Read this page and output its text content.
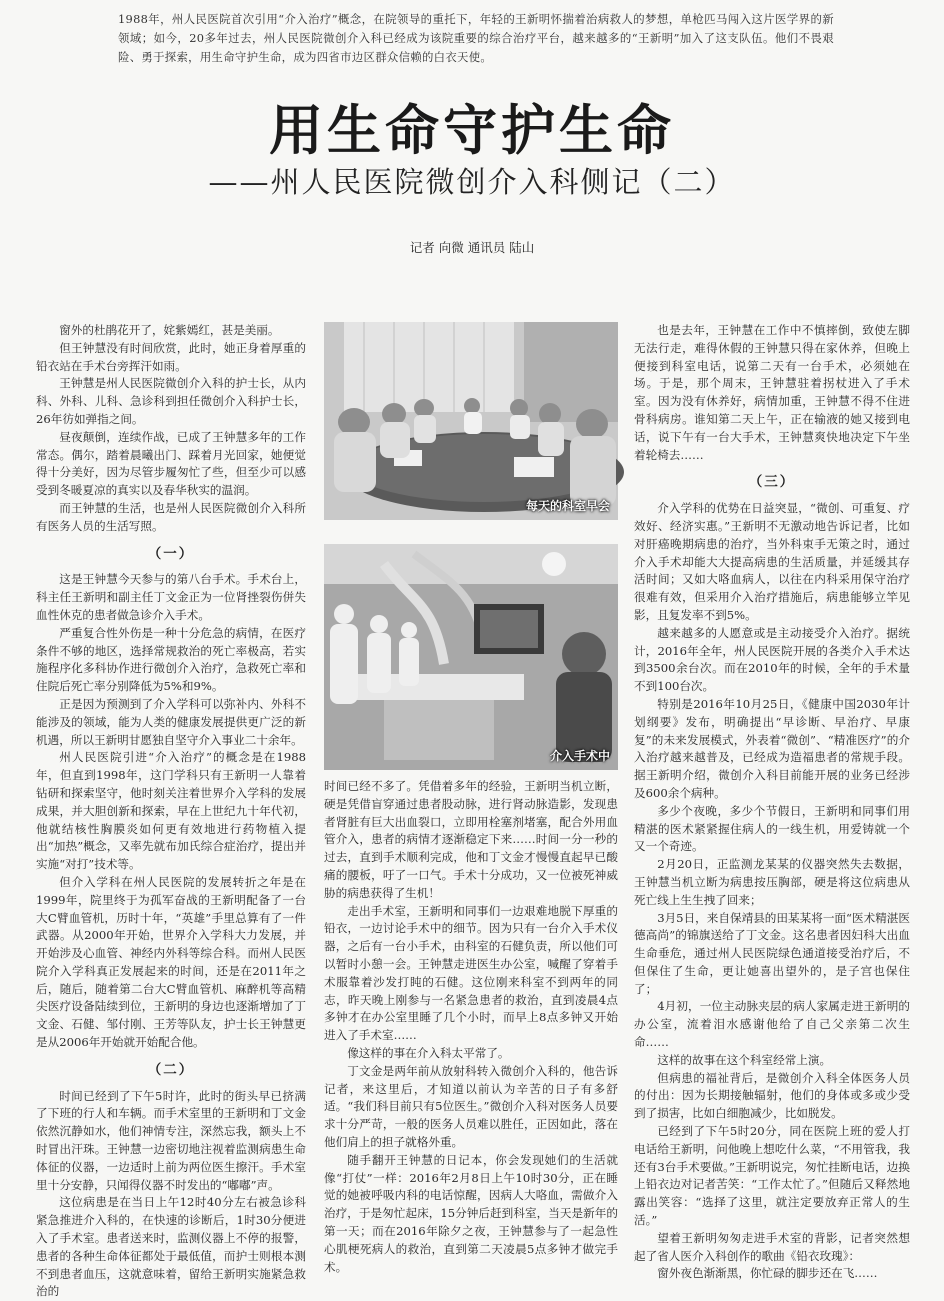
1988年，州人民医院首次引用“介入治疗”概念，在院领导的重托下，年轻的王新明怀揣着治病救人的梦想，单枪匹马闯入这片医学界的新领域；如今，20多年过去，州人民医院微创介入科已经成为该院重要的综合治疗平台，越来越多的“王新明”加入了这支队伍。他们不畏艰险、勇于探索，用生命守护生命，成为四省市边区群众信赖的白衣天使。
用生命守护生命
——州人民医院微创介入科侧记（二）
记者 向微 通讯员 陆山

窗外的杜鹃花开了，姹紫嫣红，甚是美丽。

但王钟慧没有时间欣赏，此时，她正身着厚重的铅衣站在手术台旁挥汗如雨。

王钟慧是州人民医院微创介入科的护士长，从内科、外科、儿科、急诊科到担任微创介入科护士长，26年彷如弹指之间。

昼夜颠倒，连续作战，已成了王钟慧多年的工作常态。偶尔，踏着晨曦出门、踩着月光回家，她便觉得十分美好，因为尽管步履匆忙了些，但至少可以感受到冬暖夏凉的真实以及春华秋实的温润。

而王钟慧的生活，也是州人民医院微创介入科所有医务人员的生活写照。

（一）

这是王钟慧今天参与的第八台手术。手术台上，科主任王新明和副主任丁文金正为一位肾挫裂伤併失血性休克的患者做急诊介入手术。

严重复合性外伤是一种十分危急的病情，在医疗条件不够的地区，选择常规救治的死亡率极高，若实施程序化多科协作进行微创介入治疗，急救死亡率和住院后死亡率分别降低为5%和9%。

正是因为预测到了介入学科可以弥补内、外科不能涉及的领域，能为人类的健康发展提供更广泛的新机遇，所以王新明甘愿独自坚守介入事业二十余年。

州人民医院引进“介入治疗”的概念是在1988年，但直到1998年，这门学科只有王新明一人靠着钻研和探索坚守，他时刻关注着世界介入学科的发展成果，并大胆创新和探索，早在上世纪九十年代初，他就结核性胸膜炎如何更有效地进行药物植入提出“加热”概念，又率先就布加氏综合症治疗，提出并实施“对打”技术等。

但介入学科在州人民医院的发展转折之年是在1999年，院里终于为孤军奋战的王新明配备了一台大C臂血管机，历时十年，“英雄”手里总算有了一件武器。从2000年开始，世界介入学科大力发展，并开始涉及心血管、神经内外科等综合科。而州人民医院介入学科真正发展起来的时间，还是在2011年之后，随后，随着第二台大C臂血管机、麻醉机等高精尖医疗设备陆续到位，王新明的身边也逐渐增加了丁文金、石健、邹付刚、王芳等队友，护士长王钟慧更是从2006年开始就开始配合他。

（二）

时间已经到了下午5时许，此时的街头早已挤满了下班的行人和车辆。而手术室里的王新明和丁文金依然沉静如水，他们神情专注，深然忘我，额头上不时冒出汗珠。王钟慧一边密切地注视着监测病患生命体征的仪器，一边适时上前为两位医生擦汗。手术室里十分安静，只闻得仪器不时发出的“嘟嘟”声。

这位病患是在当日上午12时40分左右被急诊科紧急推进介入科的，在快速的诊断后，1时30分便进入了手术室。患者送来时，监测仪器上不停的报警，患者的各种生命体征都处于最低值，而护士则根本测不到患者血压，这就意味着，留给王新明实施紧急救治的

每天的科室早会
介入手术中

时间已经不多了。凭借着多年的经验，王新明当机立断，硬是凭借盲穿通过患者股动脉，进行肾动脉造影，发现患者肾脏有巨大出血裂口，立即用栓塞剂堵塞，配合外用血管介入，患者的病情才逐渐稳定下来……时间一分一秒的过去，直到手术顺利完成，他和丁文金才慢慢直起早已酸痛的腰板，吁了一口气。手术十分成功，又一位被死神威胁的病患获得了生机！

走出手术室，王新明和同事们一边艰难地脱下厚重的铅衣，一边讨论手术中的细节。因为只有一台介入手术仪器，之后有一台小手术，由科室的石健负责，所以他们可以暂时小憩一会。王钟慧走进医生办公室，喊醒了穿着手术服靠着沙发打盹的石健。这位刚来科室不到两年的同志，昨天晚上刚参与一名紧急患者的救治，直到凌晨4点多钟才在办公室里睡了几个小时，而早上8点多钟又开始进入了手术室……

像这样的事在介入科太平常了。

丁文金是两年前从放射科转入微创介入科的，他告诉记者，来这里后，才知道以前认为辛苦的日子有多舒适。“我们科目前只有5位医生。”微创介入科对医务人员要求十分严苛，一般的医务人员难以胜任，正因如此，落在他们肩上的担子就格外重。

随手翻开王钟慧的日记本，你会发现她们的生活就像“打仗”一样：2016年2月8日上午10时30分，正在睡觉的她被呼吸内科的电话惊醒，因病人大咯血，需做介入治疗，于是匆忙起床，15分钟后赶到科室，当天是新年的第一天；而在2016年除夕之夜，王钟慧参与了一起急性心肌梗死病人的救治，直到第二天凌晨5点多钟才做完手术。

也是去年，王钟慧在工作中不慎摔倒，致使左脚无法行走，难得休假的王钟慧只得在家休养，但晚上便接到科室电话，说第二天有一台手术，必须她在场。于是，那个周末，王钟慧驻着拐杖进入了手术室。因为没有休养好，病情加重，王钟慧不得不住进骨科病房。谁知第二天上午，正在输液的她又接到电话，说下午有一台大手术，王钟慧爽快地决定下午坐着轮椅去……

（三）

介入学科的优势在日益突显，“微创、可重复、疗效好、经济实惠。”王新明不无激动地告诉记者，比如对肝癌晚期病患的治疗，当外科束手无策之时，通过介入手术却能大大提高病患的生活质量，并延缓其存活时间；又如大咯血病人，以往在内科采用保守治疗很难有效，但采用介入治疗措施后，病患能够立竿见影，且复发率不到5%。

越来越多的人愿意或是主动接受介入治疗。据统计，2016年全年，州人民医院开展的各类介入手术达到3500余台次。而在2010年的时候，全年的手术量不到100台次。

特别是2016年10月25日，《健康中国2030年计划纲要》发布，明确提出“早诊断、早治疗、早康复”的未来发展模式，外表着“微创”、“精准医疗”的介入治疗越来越普及，已经成为造福患者的常规手段。据王新明介绍，微创介入科目前能开展的业务已经涉及600余个病种。

多少个夜晚，多少个节假日，王新明和同事们用精湛的医术紧紧握住病人的一线生机，用爱铸就一个又一个奇迹。

2月20日，正监测龙某某的仪器突然失去数据，王钟慧当机立断为病患按压胸部，硬是将这位病患从死亡线上生生拽了回来；

3月5日，来自保靖县的田某某将一面“医术精湛医德高尚”的锦旗送给了丁文金。这名患者因妇科大出血生命垂危，通过州人民医院绿色通道接受治疗后，不但保住了生命，更让她喜出望外的，是子宫也保住了；

4月初，一位主动脉夹层的病人家属走进王新明的办公室，流着泪水感谢他给了自己父亲第二次生命……

这样的故事在这个科室经常上演。

但病患的福祉背后，是微创介入科全体医务人员的付出：因为长期接触辐射，他们的身体或多或少受到了损害，比如白细胞减少，比如脱发。

已经到了下午5时20分，同在医院上班的爱人打电话给王新明，问他晚上想吃什么菜，“不用管我，我还有3台手术要做。”王新明说完，匆忙挂断电话，边换上铅衣边对记者苦笑：“工作太忙了。”但随后又释然地露出笑容：“选择了这里，就注定要放弃正常人的生活。”

望着王新明匆匆走进手术室的背影，记者突然想起了省人医介入科创作的歌曲《铅衣玫瑰》：

窗外夜色渐渐黑，你忙碌的脚步还在飞……
